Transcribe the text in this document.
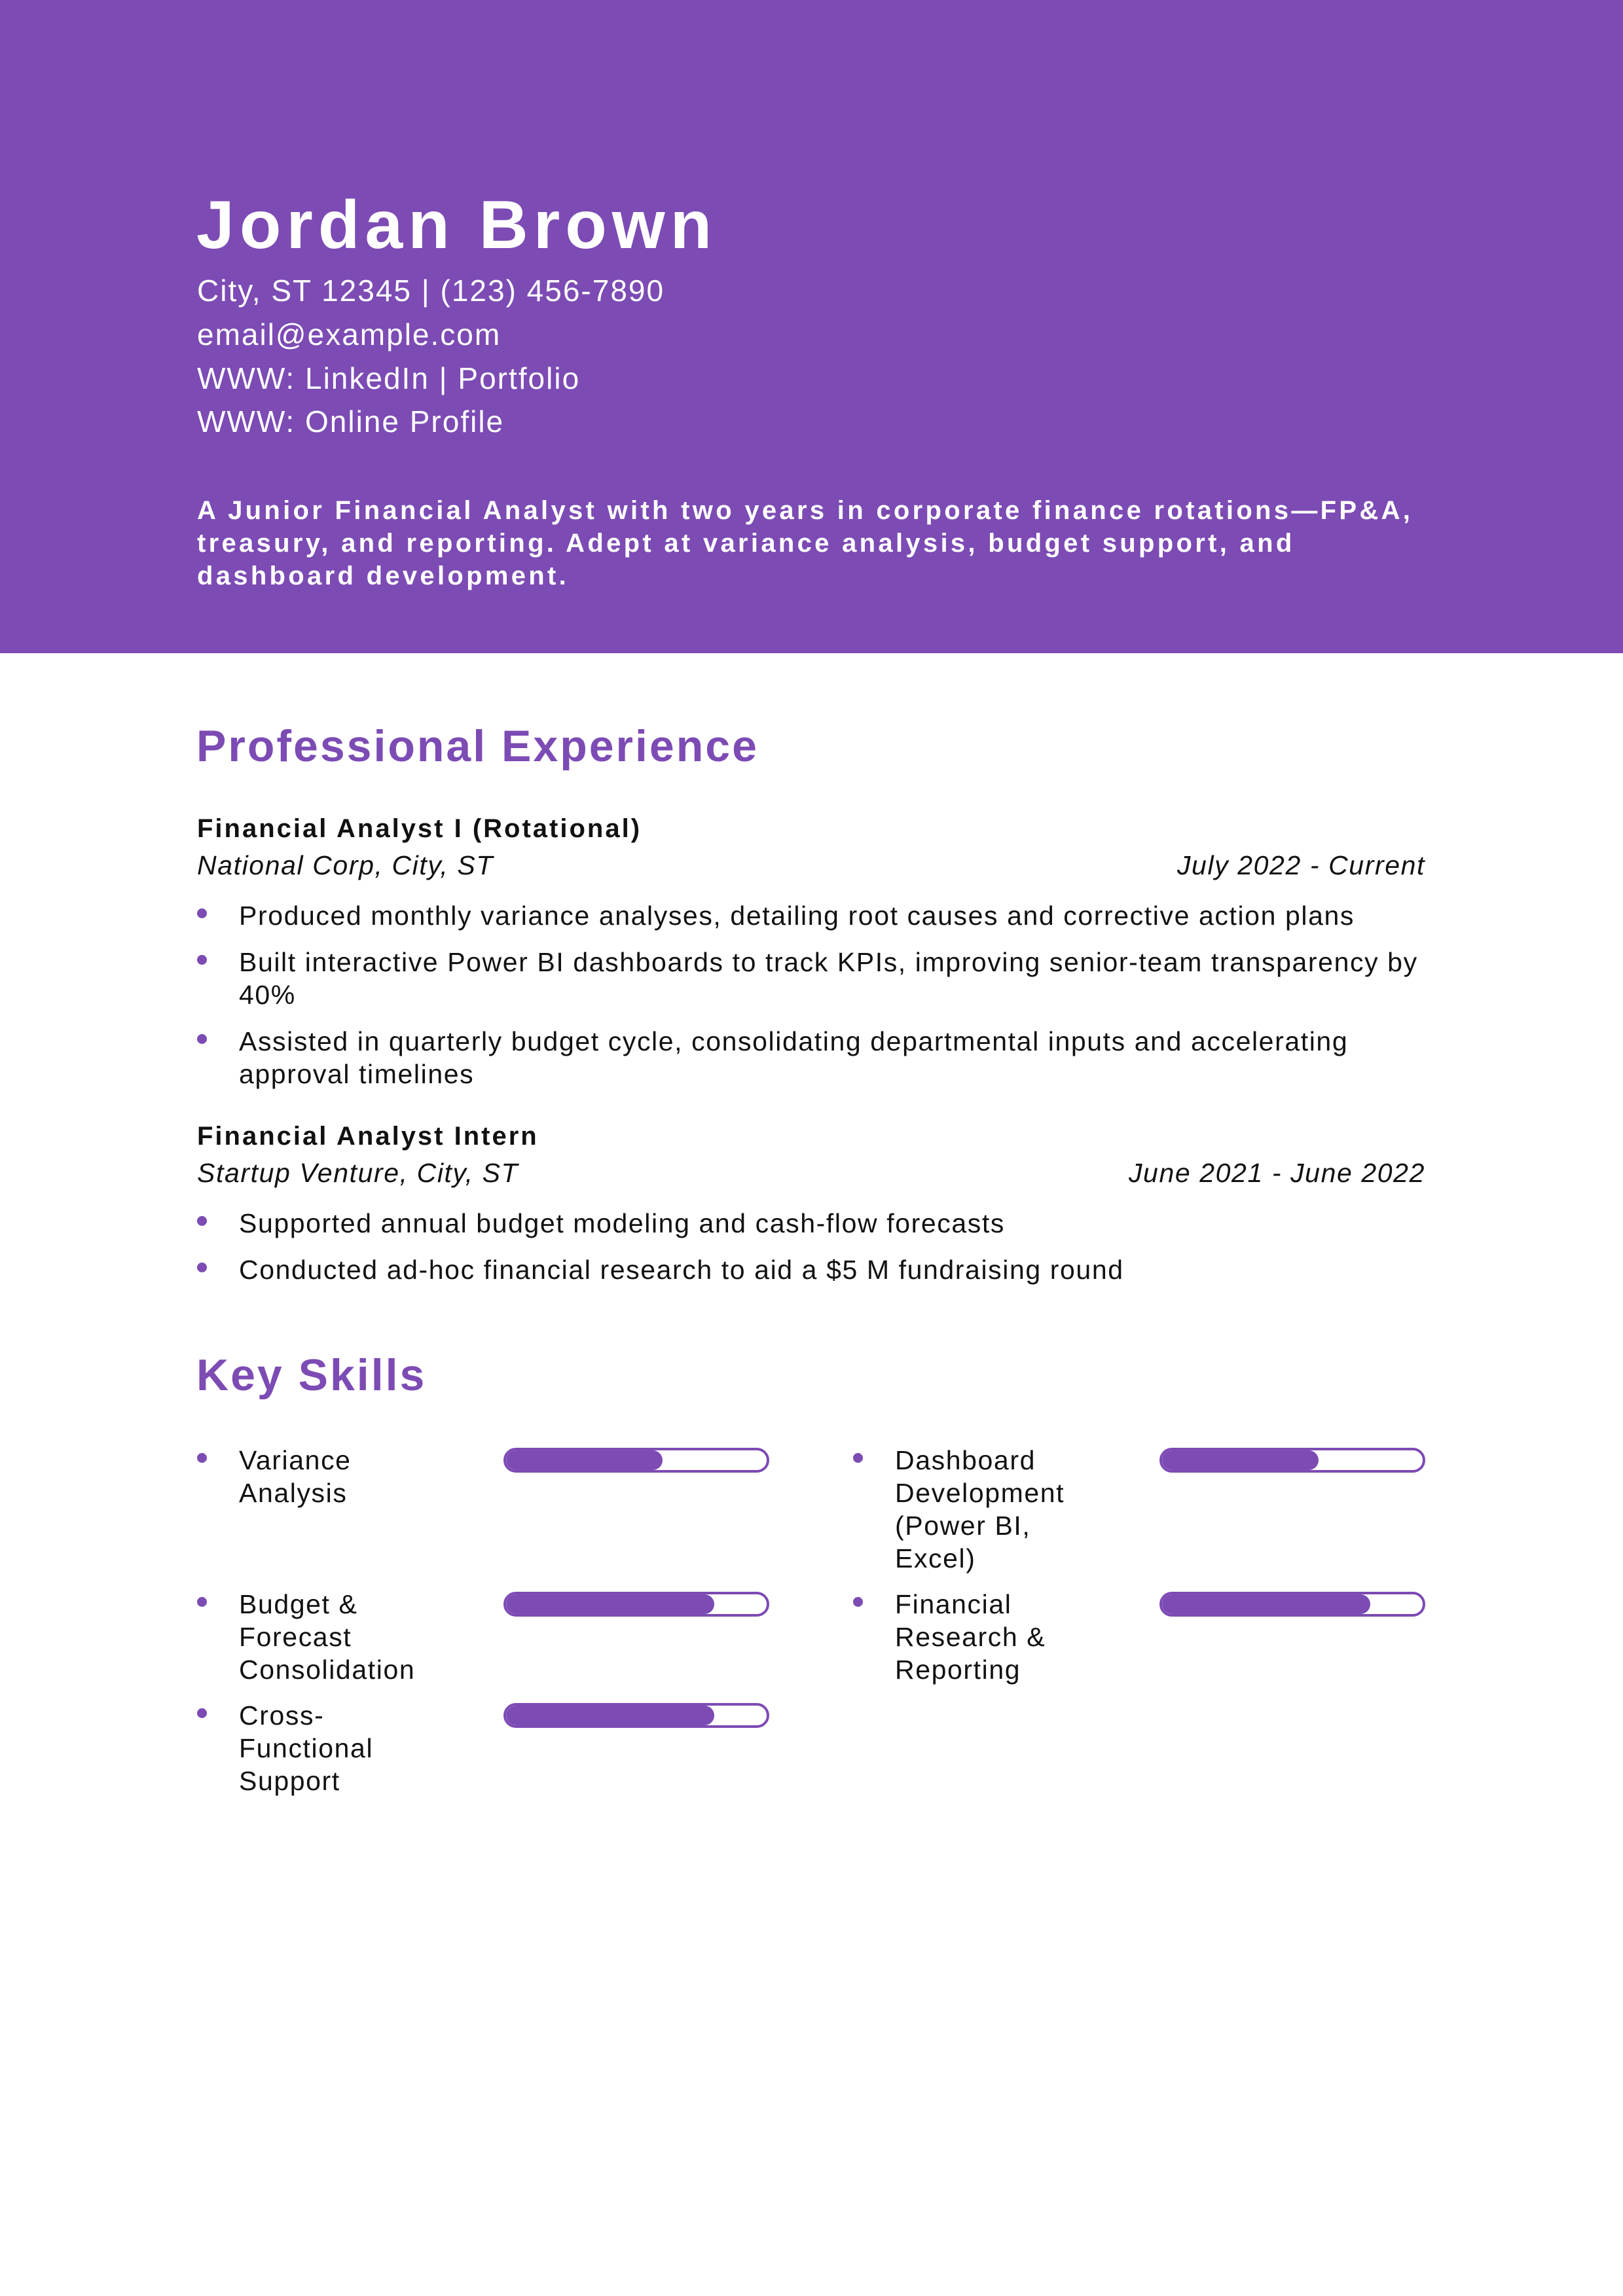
Jordan Brown
City, ST 12345 | (123) 456-7890
email@example.com
WWW: LinkedIn | Portfolio
WWW: Online Profile

A Junior Financial Analyst with two years in corporate finance rotations—FP&A, treasury, and reporting. Adept at variance analysis, budget support, and dashboard development.

Professional Experience
Financial Analyst I (Rotational)
National Corp, City, ST	July 2022 - Current
Produced monthly variance analyses, detailing root causes and corrective action plans
Built interactive Power BI dashboards to track KPIs, improving senior-team transparency by 40%
Assisted in quarterly budget cycle, consolidating departmental inputs and accelerating approval timelines
Financial Analyst Intern
Startup Venture, City, ST	June 2021 - June 2022
Supported annual budget modeling and cash-flow forecasts
Conducted ad-hoc financial research to aid a $5 M fundraising round
Key Skills
Variance Analysis
Dashboard Development (Power BI, Excel)
Budget & Forecast Consolidation
Financial Research & Reporting
Cross-Functional Support
